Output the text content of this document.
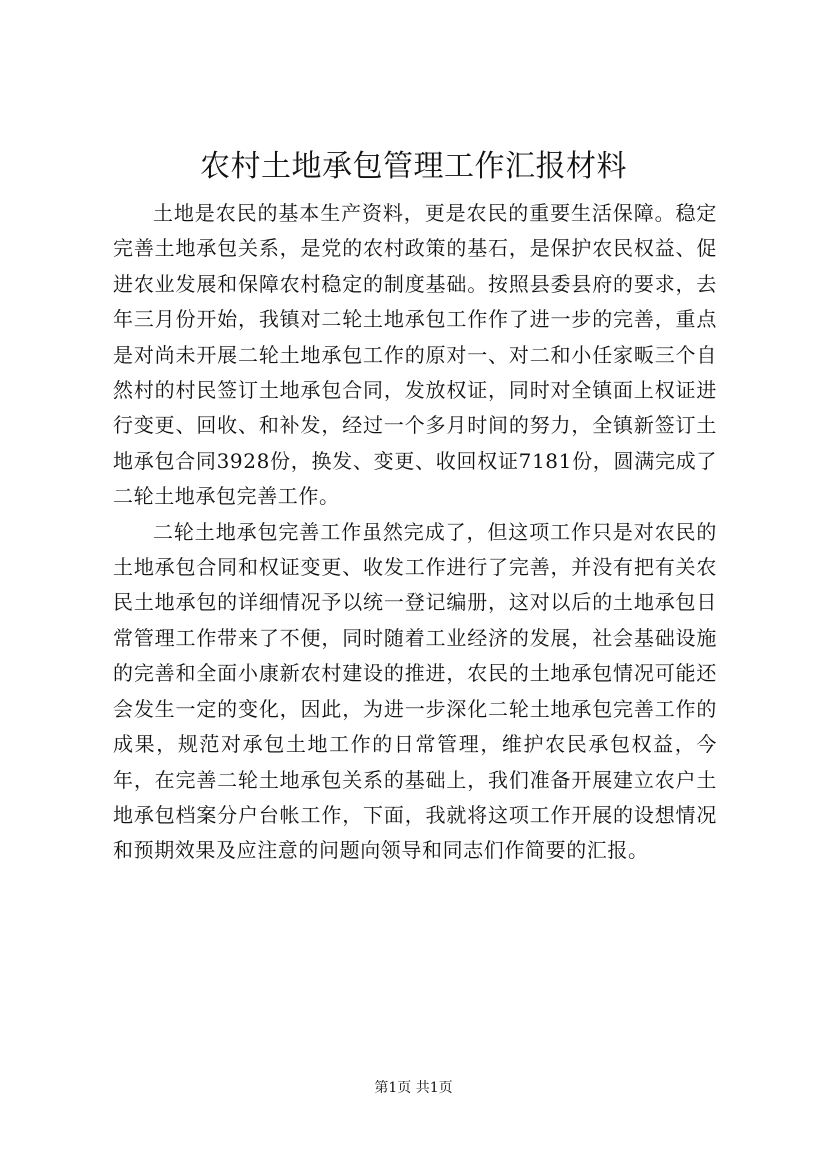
农村土地承包管理工作汇报材料

土地是农民的基本生产资料，更是农民的重要生活保障。稳定完善土地承包关系，是党的农村政策的基石，是保护农民权益、促进农业发展和保障农村稳定的制度基础。按照县委县府的要求，去年三月份开始，我镇对二轮土地承包工作作了进一步的完善，重点是对尚未开展二轮土地承包工作的原对一、对二和小任家畈三个自然村的村民签订土地承包合同，发放权证，同时对全镇面上权证进行变更、回收、和补发，经过一个多月时间的努力，全镇新签订土地承包合同3928份，换发、变更、收回权证7181份，圆满完成了二轮土地承包完善工作。

二轮土地承包完善工作虽然完成了，但这项工作只是对农民的土地承包合同和权证变更、收发工作进行了完善，并没有把有关农民土地承包的详细情况予以统一登记编册，这对以后的土地承包日常管理工作带来了不便，同时随着工业经济的发展，社会基础设施的完善和全面小康新农村建设的推进，农民的土地承包情况可能还会发生一定的变化，因此，为进一步深化二轮土地承包完善工作的成果，规范对承包土地工作的日常管理，维护农民承包权益，今年，在完善二轮土地承包关系的基础上，我们准备开展建立农户土地承包档案分户台帐工作，下面，我就将这项工作开展的设想情况和预期效果及应注意的问题向领导和同志们作简要的汇报。

第1页 共1页
